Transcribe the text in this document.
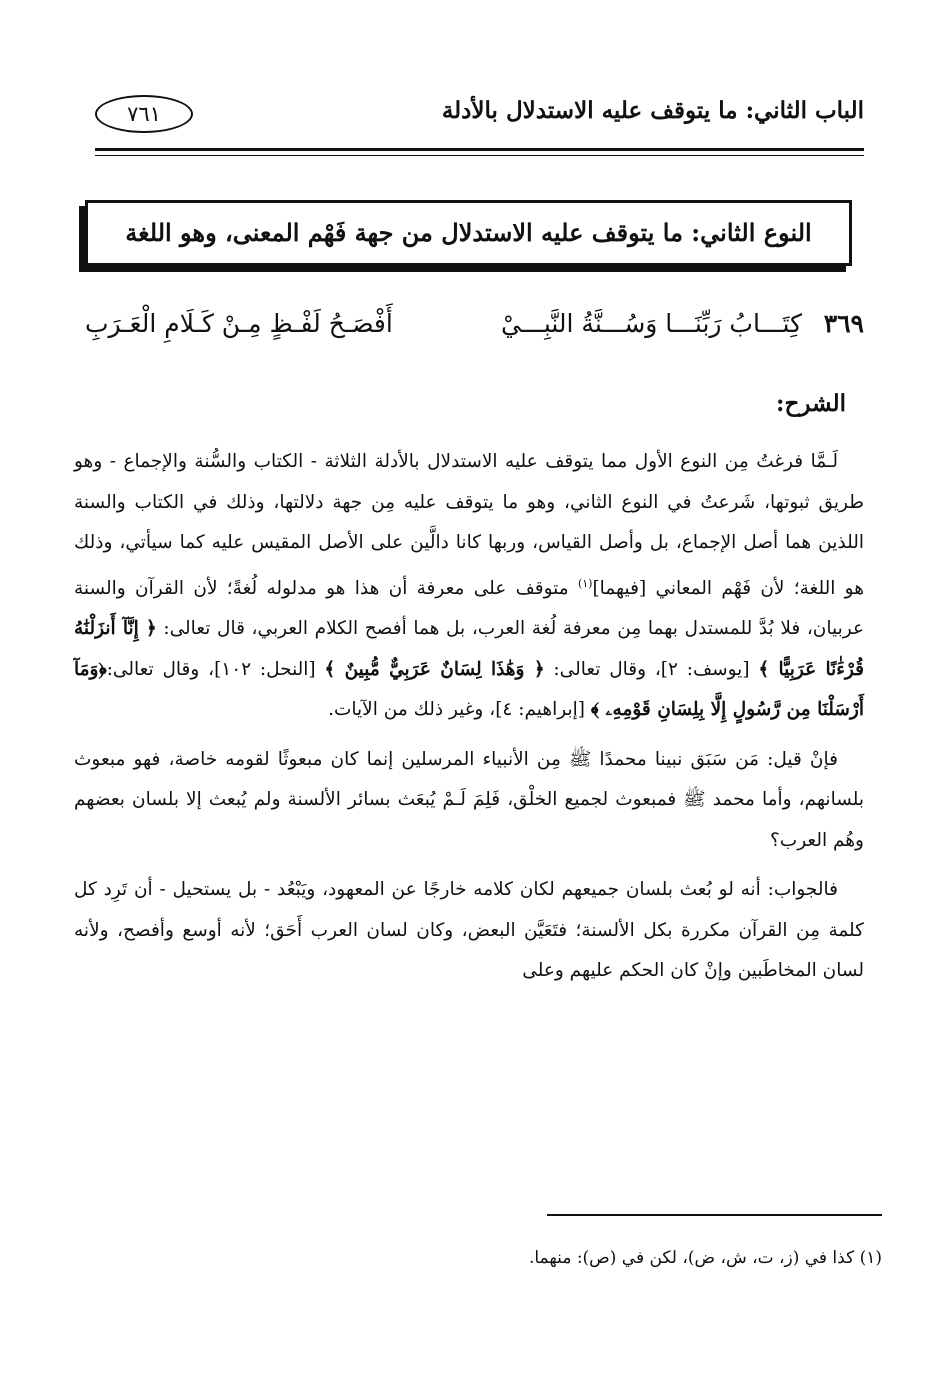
الباب الثاني: ما يتوقف عليه الاستدلال بالأدلة
٧٦١
النوع الثاني: ما يتوقف عليه الاستدلال من جهة فَهْم المعنى، وهو اللغة
٣٦٩
كِتَـــابُ رَبِّنَـــا وَسُـــنَّةُ النَّبِـــيْ
أَفْصَـحُ لَفْـظٍ مِـنْ كَـلَامِ الْعَـرَبِ
الشرح:

لَـمَّا فرغتُ مِن النوع الأول مما يتوقف عليه الاستدلال بالأدلة الثلاثة - الكتاب والسُّنة والإجماع - وهو طريق ثبوتها، شَرعتُ في النوع الثاني، وهو ما يتوقف عليه مِن جهة دلالتها، وذلك في الكتاب والسنة اللذين هما أصل الإجماع، بل وأصل القياس، وربها كانا دالَّين على الأصل المقيس عليه كما سيأتي، وذلك هو اللغة؛ لأن فَهْم المعاني [فيهما]$^{(١)}$ متوقف على معرفة أن هذا هو مدلوله لُغةً؛ لأن القرآن والسنة عربيان، فلا بُدَّ للمستدل بهما مِن معرفة لُغة العرب، بل هما أفصح الكلام العربي، قال تعالى: ﴿ إِنَّآ أَنزَلْنَٰهُ قُرْءَٰنًا عَرَبِيًّا ﴾ [يوسف: ٢]، وقال تعالى: ﴿ وَهَٰذَا لِسَانٌ عَرَبِيٌّ مُّبِينٌ ﴾ [النحل: ١٠٢]، وقال تعالى:﴿وَمَآ أَرْسَلْنَا مِن رَّسُولٍ إِلَّا بِلِسَانِ قَوْمِهِۦ ﴾ [إبراهيم: ٤]، وغير ذلك من الآيات.

فإنْ قيل: مَن سَبَق نبينا محمدًا ﷺ مِن الأنبياء المرسلين إنما كان مبعوثًا لقومه خاصة، فهو مبعوث بلسانهم، وأما محمد ﷺ فمبعوث لجميع الخلْق، فَلِمَ لَـمْ يُبعَث بسائر الألسنة ولم يُبعث إلا بلسان بعضهم وهُم العرب؟

فالجواب: أنه لو بُعث بلسان جميعهم لكان كلامه خارجًا عن المعهود، ويَبْعُد - بل يستحيل - أن تَرِد كل كلمة مِن القرآن مكررة بكل الألسنة؛ فتَعَيَّن البعض، وكان لسان العرب أَحَق؛ لأنه أوسع وأفصح، ولأنه لسان المخاطَبين وإنْ كان الحكم عليهم وعلى

(١) كذا في (ز، ت، ش، ض)، لكن في (ص): منهما.
